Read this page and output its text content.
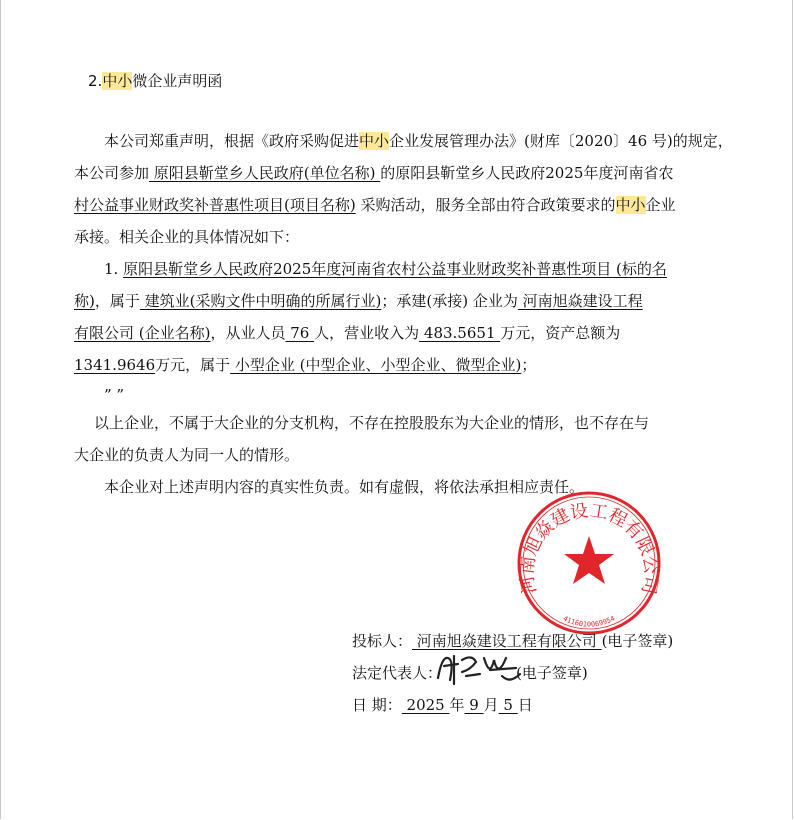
2.中小微企业声明函
本公司郑重声明，根据《政府采购促进中小企业发展管理办法》(财库〔2020〕46 号)的规定，
本公司参加 原阳县靳堂乡人民政府(单位名称) 的原阳县靳堂乡人民政府2025年度河南省农
村公益事业财政奖补普惠性项目(项目名称) 采购活动，服务全部由符合政策要求的中小企业
承接。相关企业的具体情况如下：
1. 原阳县靳堂乡人民政府2025年度河南省农村公益事业财政奖补普惠性项目 (标的名
称)，属于 建筑业(采购文件中明确的所属行业)；承建(承接) 企业为 河南旭焱建设工程
有限公司 (企业名称)，从业人员 76 人，营业收入为 483.5651 万元，资产总额为
1341.9646万元，属于 小型企业 (中型企业、小型企业、微型企业)；
” ”
以上企业，不属于大企业的分支机构，不存在控股股东为大企业的情形，也不存在与
大企业的负责人为同一人的情形。
本企业对上述声明内容的真实性负责。如有虚假，将依法承担相应责任。
河南旭焱建设工程有限公司
4116010069954
投标人： 河南旭焱建设工程有限公司 (电子签章)
法定代表人：	(电子签章)
日 期： 2025 年 9 月 5 日
